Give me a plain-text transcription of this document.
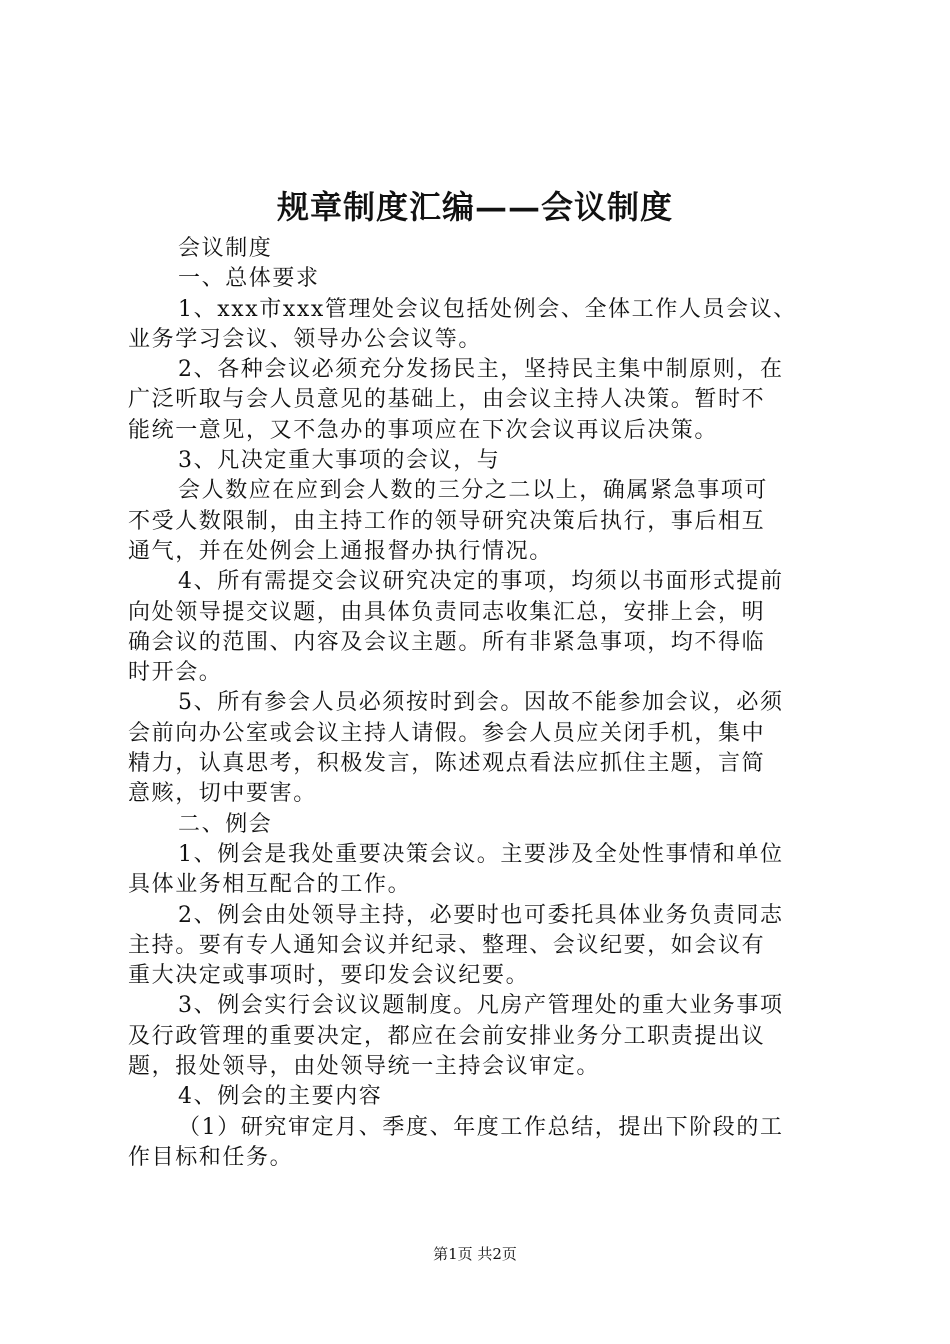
规章制度汇编——会议制度
会议制度
一、总体要求
1、xxx市xxx管理处会议包括处例会、全体工作人员会议、
业务学习会议、领导办公会议等。
2、各种会议必须充分发扬民主，坚持民主集中制原则，在
广泛听取与会人员意见的基础上，由会议主持人决策。暂时不
能统一意见，又不急办的事项应在下次会议再议后决策。
3、凡决定重大事项的会议，与
会人数应在应到会人数的三分之二以上，确属紧急事项可
不受人数限制，由主持工作的领导研究决策后执行，事后相互
通气，并在处例会上通报督办执行情况。
4、所有需提交会议研究决定的事项，均须以书面形式提前
向处领导提交议题，由具体负责同志收集汇总，安排上会，明
确会议的范围、内容及会议主题。所有非紧急事项，均不得临
时开会。
5、所有参会人员必须按时到会。因故不能参加会议，必须
会前向办公室或会议主持人请假。参会人员应关闭手机，集中
精力，认真思考，积极发言，陈述观点看法应抓住主题，言简
意赅，切中要害。
二、例会
1、例会是我处重要决策会议。主要涉及全处性事情和单位
具体业务相互配合的工作。
2、例会由处领导主持，必要时也可委托具体业务负责同志
主持。要有专人通知会议并纪录、整理、会议纪要，如会议有
重大决定或事项时，要印发会议纪要。
3、例会实行会议议题制度。凡房产管理处的重大业务事项
及行政管理的重要决定，都应在会前安排业务分工职责提出议
题，报处领导，由处领导统一主持会议审定。
4、例会的主要内容
（1）研究审定月、季度、年度工作总结，提出下阶段的工
作目标和任务。
第1页 共2页
